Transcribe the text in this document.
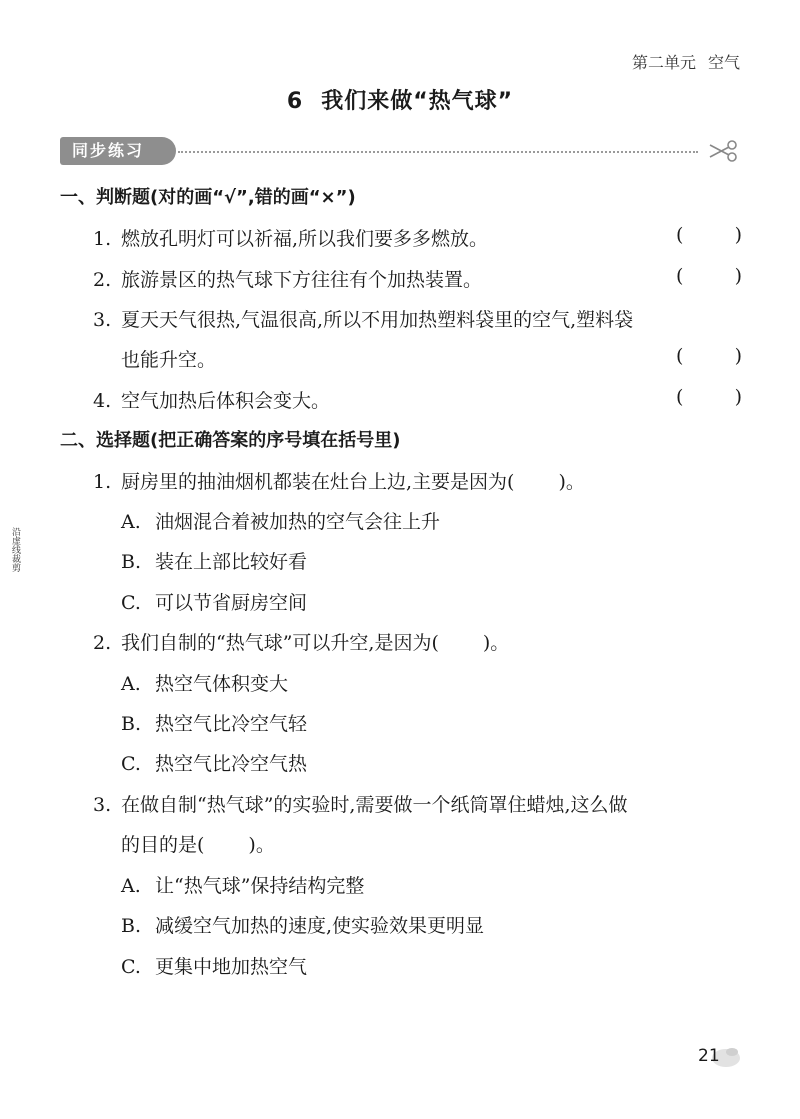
第二单元 空气
6 我们来做“热气球”
同步练习
沿虚线裁剪
一、判断题(对的画“√”,错的画“×”)
1. 燃放孔明灯可以祈福,所以我们要多多燃放。	(	)
2. 旅游景区的热气球下方往往有个加热装置。	(	)
3. 夏天天气很热,气温很高,所以不用加热塑料袋里的空气,塑料袋
也能升空。	(	)
4. 空气加热后体积会变大。	(	)
二、选择题(把正确答案的序号填在括号里)
1. 厨房里的抽油烟机都装在灶台上边,主要是因为( )。
A. 油烟混合着被加热的空气会往上升
B. 装在上部比较好看
C. 可以节省厨房空间
2. 我们自制的“热气球”可以升空,是因为( )。
A. 热空气体积变大
B. 热空气比冷空气轻
C. 热空气比冷空气热
3. 在做自制“热气球”的实验时,需要做一个纸筒罩住蜡烛,这么做
的目的是( )。
A. 让“热气球”保持结构完整
B. 减缓空气加热的速度,使实验效果更明显
C. 更集中地加热空气
21
